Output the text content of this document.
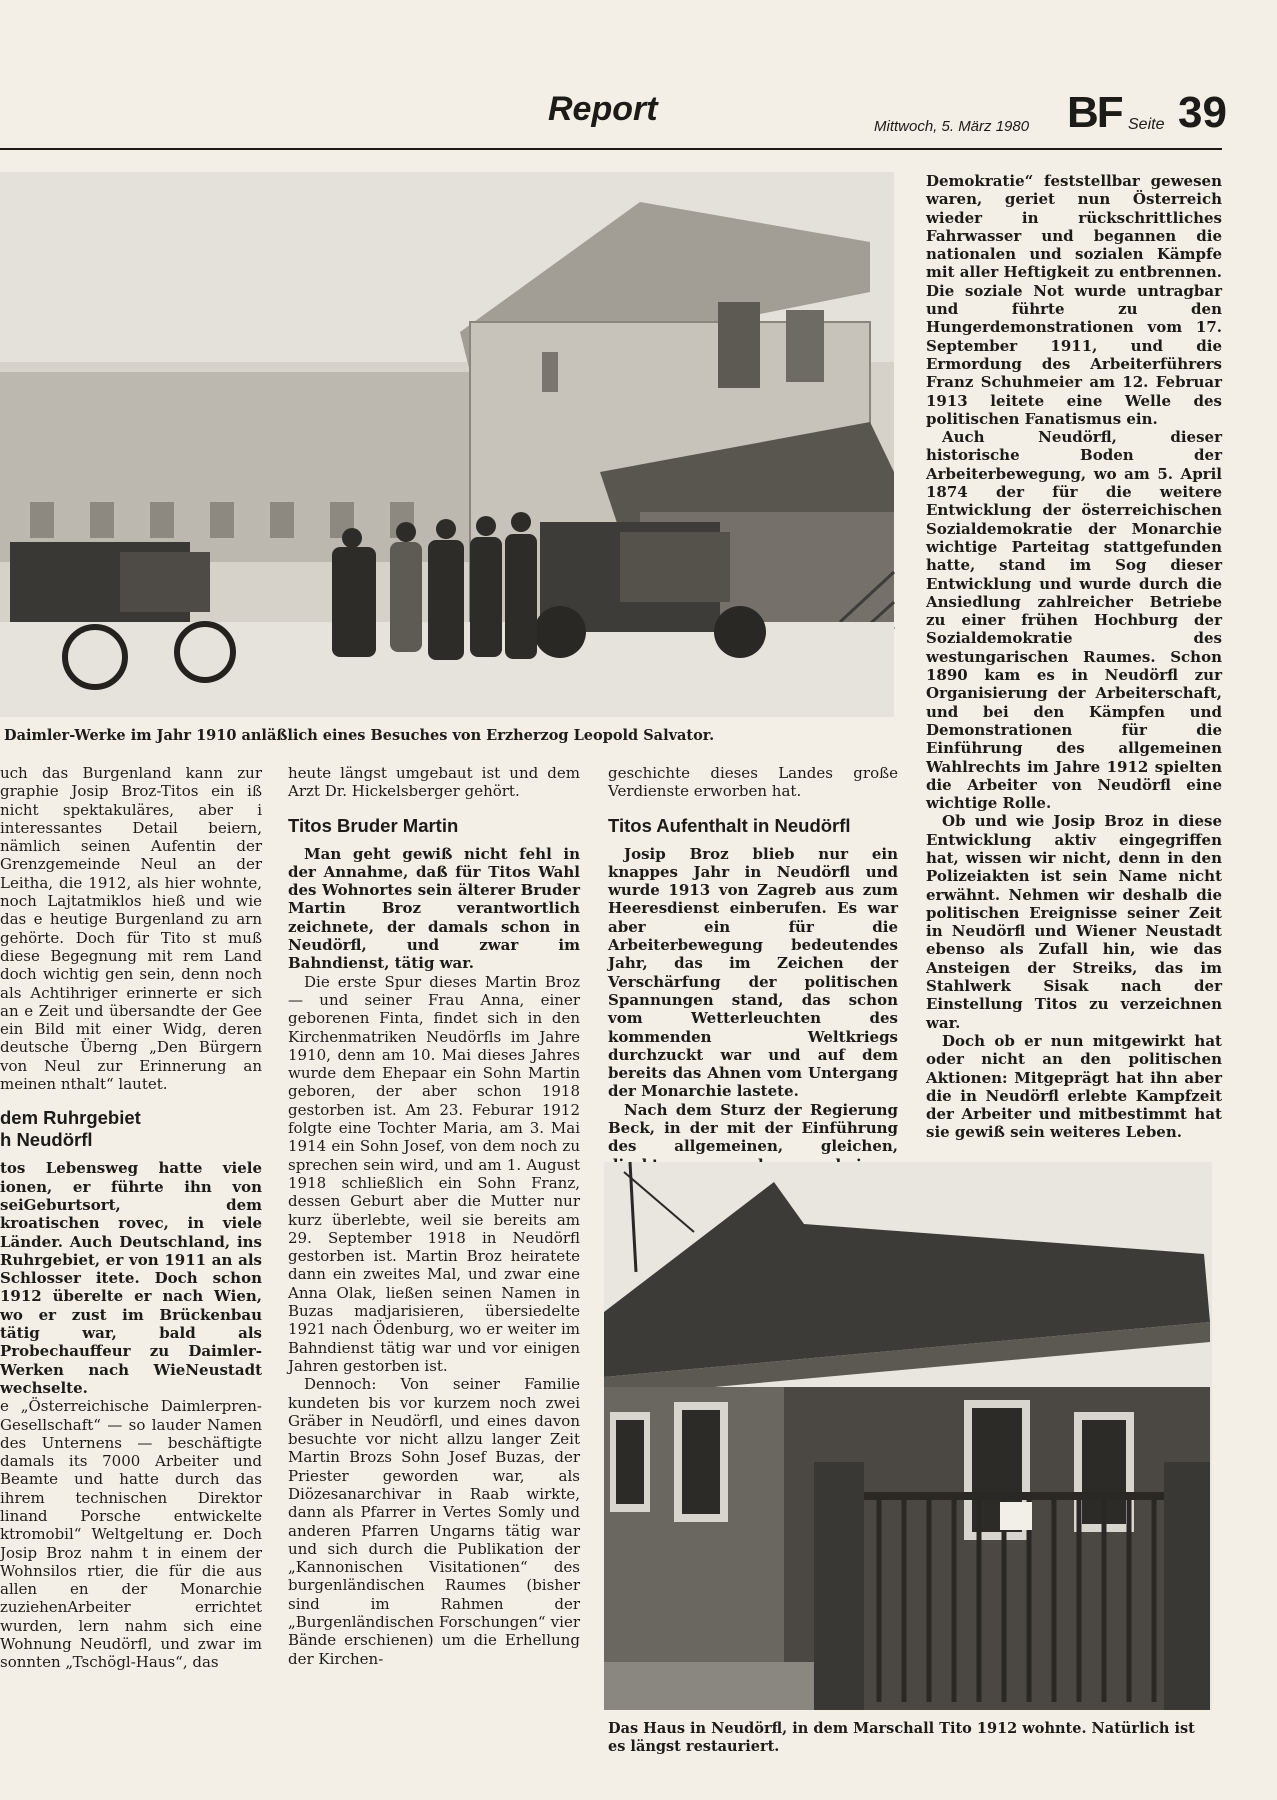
Report	Mittwoch, 5. März 1980 BF Seite 39
Daimler-Werke im Jahr 1910 anläßlich eines Besuches von Erzherzog Leopold Salvator.

uch das Burgenland kann zur graphie Josip Broz-Titos ein iß nicht spektakuläres, aber i interessantes Detail beiern, nämlich seinen Aufentin der Grenzgemeinde Neul an der Leitha, die 1912, als hier wohnte, noch Lajtatmiklos hieß und wie das e heutige Burgenland zu arn gehörte. Doch für Tito st muß diese Begegnung mit rem Land doch wichtig gen sein, denn noch als Achtihriger erinnerte er sich an e Zeit und übersandte der Gee ein Bild mit einer Widg, deren deutsche Überng „Den Bürgern von Neul zur Erinnerung an meinen nthalt“ lautet.

dem Ruhrgebiet
h Neudörfl

tos Lebensweg hatte viele ionen, er führte ihn von seiGeburtsort, dem kroatischen rovec, in viele Länder. Auch Deutschland, ins Ruhrgebiet, er von 1911 an als Schlosser itete. Doch schon 1912 überelte er nach Wien, wo er zust im Brückenbau tätig war, bald als Probechauffeur zu Daimler-Werken nach WieNeustadt wechselte.

e „Österreichische Daimlerpren-Gesellschaft“ — so lauder Namen des Unternens — beschäftigte damals its 7000 Arbeiter und Beamte und hatte durch das ihrem technischen Direktor linand Porsche entwickelte ktromobil“ Weltgeltung er. Doch Josip Broz nahm t in einem der Wohnsilos rtier, die für die aus allen en der Monarchie zuziehenArbeiter errichtet wurden, lern nahm sich eine Wohnung Neudörfl, und zwar im sonnten „Tschögl-Haus“, das

heute längst umgebaut ist und dem Arzt Dr. Hickelsberger gehört.

Titos Bruder Martin

Man geht gewiß nicht fehl in der Annahme, daß für Titos Wahl des Wohnortes sein älterer Bruder Martin Broz verantwortlich zeichnete, der damals schon in Neudörfl, und zwar im Bahndienst, tätig war.

Die erste Spur dieses Martin Broz — und seiner Frau Anna, einer geborenen Finta, findet sich in den Kirchenmatriken Neudörfls im Jahre 1910, denn am 10. Mai dieses Jahres wurde dem Ehepaar ein Sohn Martin geboren, der aber schon 1918 gestorben ist. Am 23. Feburar 1912 folgte eine Tochter Maria, am 3. Mai 1914 ein Sohn Josef, von dem noch zu sprechen sein wird, und am 1. August 1918 schließlich ein Sohn Franz, dessen Geburt aber die Mutter nur kurz überlebte, weil sie bereits am 29. September 1918 in Neudörfl gestorben ist. Martin Broz heiratete dann ein zweites Mal, und zwar eine Anna Olak, ließen seinen Namen in Buzas madjarisieren, übersiedelte 1921 nach Ödenburg, wo er weiter im Bahndienst tätig war und vor einigen Jahren gestorben ist.

Dennoch: Von seiner Familie kundeten bis vor kurzem noch zwei Gräber in Neudörfl, und eines davon besuchte vor nicht allzu langer Zeit Martin Brozs Sohn Josef Buzas, der Priester geworden war, als Diözesanarchivar in Raab wirkte, dann als Pfarrer in Vertes Somly und anderen Pfarren Ungarns tätig war und sich durch die Publikation der „Kannonischen Visitationen“ des burgenländischen Raumes (bisher sind im Rahmen der „Burgenländischen Forschungen“ vier Bände erschienen) um die Erhellung der Kirchen-

geschichte dieses Landes große Verdienste erworben hat.

Titos Aufenthalt in Neudörfl

Josip Broz blieb nur ein knappes Jahr in Neudörfl und wurde 1913 von Zagreb aus zum Heeresdienst einberufen. Es war aber ein für die Arbeiterbewegung bedeutendes Jahr, das im Zeichen der Verschärfung der politischen Spannungen stand, das schon vom Wetterleuchten des kommenden Weltkriegs durchzuckt war und auf dem bereits das Ahnen vom Untergang der Monarchie lastete.

Nach dem Sturz der Regierung Beck, in der mit der Einführung des allgemeinen, gleichen,

Demokratie“ feststellbar gewesen waren, geriet nun Österreich wieder in rückschrittliches Fahrwasser und begannen die nationalen und sozialen Kämpfe mit aller Heftigkeit zu entbrennen. Die soziale Not wurde untragbar und führte zu den Hungerdemonstrationen vom 17. September 1911, und die Ermordung des Arbeiterführers Franz Schuhmeier am 12. Februar 1913 leitete eine Welle des politischen Fanatismus ein.

Auch Neudörfl, dieser historische Boden der Arbeiterbewegung, wo am 5. April 1874 der für die weitere Entwicklung der österreichischen Sozialdemokratie der Monarchie wichtige Parteitag stattgefunden hatte, stand im Sog dieser Entwicklung und wurde durch die Ansiedlung zahlreicher Betriebe zu einer frühen Hochburg der Sozialdemokratie des westungarischen Raumes. Schon 1890 kam es in Neudörfl zur Organisierung der Arbeiterschaft, und bei den Kämpfen und Demonstrationen für die Einführung des allgemeinen Wahlrechts im Jahre 1912 spielten die Arbeiter von Neudörfl eine wichtige Rolle.

Ob und wie Josip Broz in diese Entwicklung aktiv eingegriffen hat, wissen wir nicht, denn in den Polizeiakten ist sein Name nicht erwähnt. Nehmen wir deshalb die politischen Ereignisse seiner Zeit in Neudörfl und Wiener Neustadt ebenso als Zufall hin, wie das Ansteigen der Streiks, das im Stahlwerk Sisak nach der Einstellung Titos zu verzeichnen war.

Doch ob er nun mitgewirkt hat oder nicht an den politischen Aktionen: Mitgeprägt hat ihn aber die in Neudörfl erlebte Kampfzeit der Arbeiter und mitbestimmt hat sie gewiß sein weiteres Leben.

Das Haus in Neudörfl, in dem Marschall Tito 1912 wohnte. Natürlich ist es längst restauriert.
